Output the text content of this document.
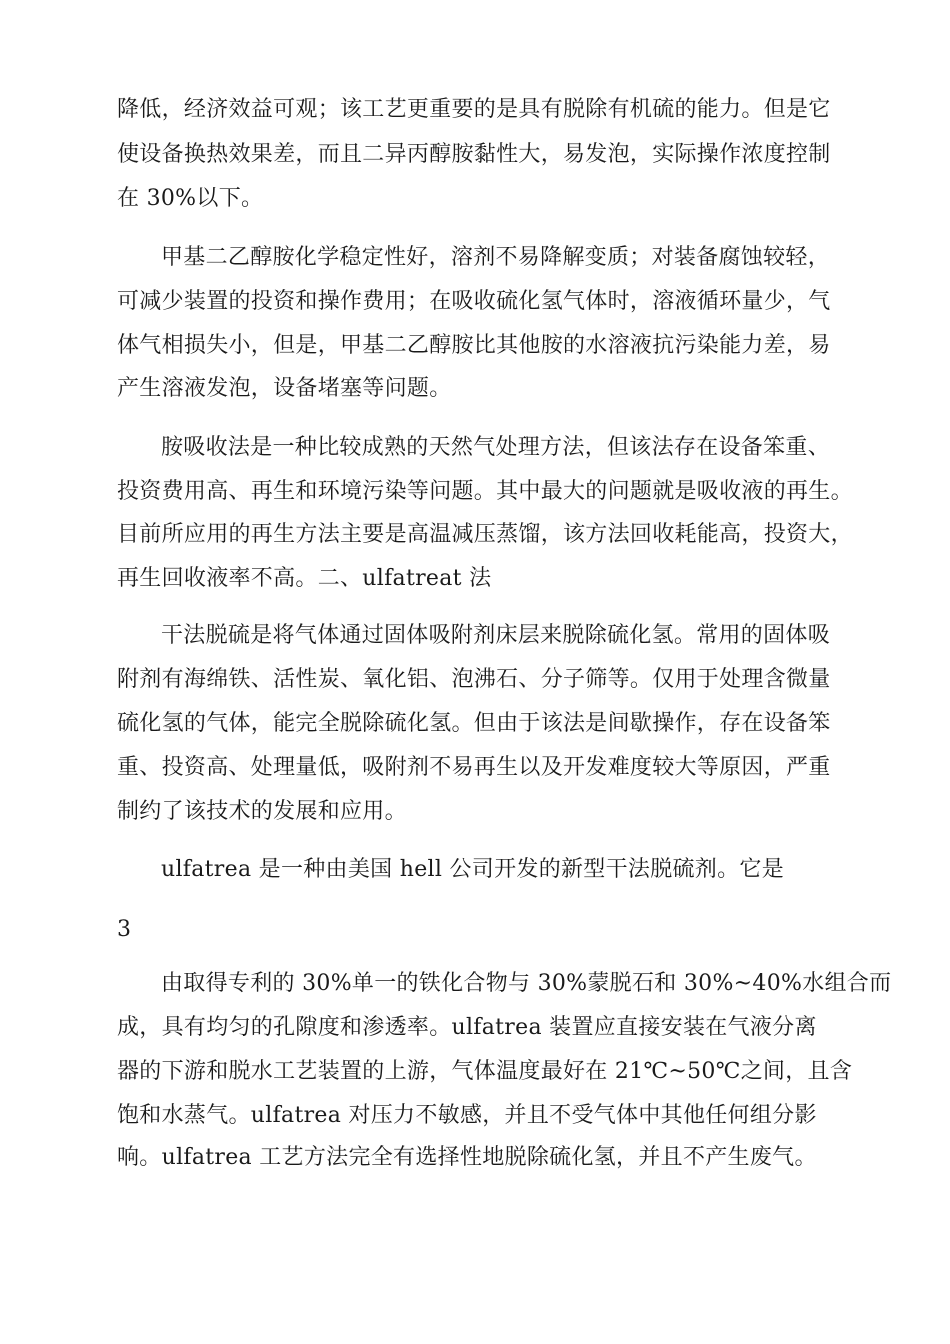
降低，经济效益可观；该工艺更重要的是具有脱除有机硫的能力。但是它
使设备换热效果差，而且二异丙醇胺黏性大，易发泡，实际操作浓度控制
在 30%以下。
甲基二乙醇胺化学稳定性好，溶剂不易降解变质；对装备腐蚀较轻，
可减少装置的投资和操作费用；在吸收硫化氢气体时，溶液循环量少，气
体气相损失小，但是，甲基二乙醇胺比其他胺的水溶液抗污染能力差，易
产生溶液发泡，设备堵塞等问题。
胺吸收法是一种比较成熟的天然气处理方法，但该法存在设备笨重、
投资费用高、再生和环境污染等问题。其中最大的问题就是吸收液的再生。
目前所应用的再生方法主要是高温减压蒸馏，该方法回收耗能高，投资大，
再生回收液率不高。二、ulfatreat 法
干法脱硫是将气体通过固体吸附剂床层来脱除硫化氢。常用的固体吸
附剂有海绵铁、活性炭、氧化铝、泡沸石、分子筛等。仅用于处理含微量
硫化氢的气体，能完全脱除硫化氢。但由于该法是间歇操作，存在设备笨
重、投资高、处理量低，吸附剂不易再生以及开发难度较大等原因，严重
制约了该技术的发展和应用。
ulfatrea 是一种由美国 hell 公司开发的新型干法脱硫剂。它是
3
由取得专利的 30%单一的铁化合物与 30%蒙脱石和 30%~40%水组合而
成，具有均匀的孔隙度和渗透率。ulfatrea 装置应直接安装在气液分离
器的下游和脱水工艺装置的上游，气体温度最好在 21℃~50℃之间，且含
饱和水蒸气。ulfatrea 对压力不敏感，并且不受气体中其他任何组分影
响。ulfatrea 工艺方法完全有选择性地脱除硫化氢，并且不产生废气。
